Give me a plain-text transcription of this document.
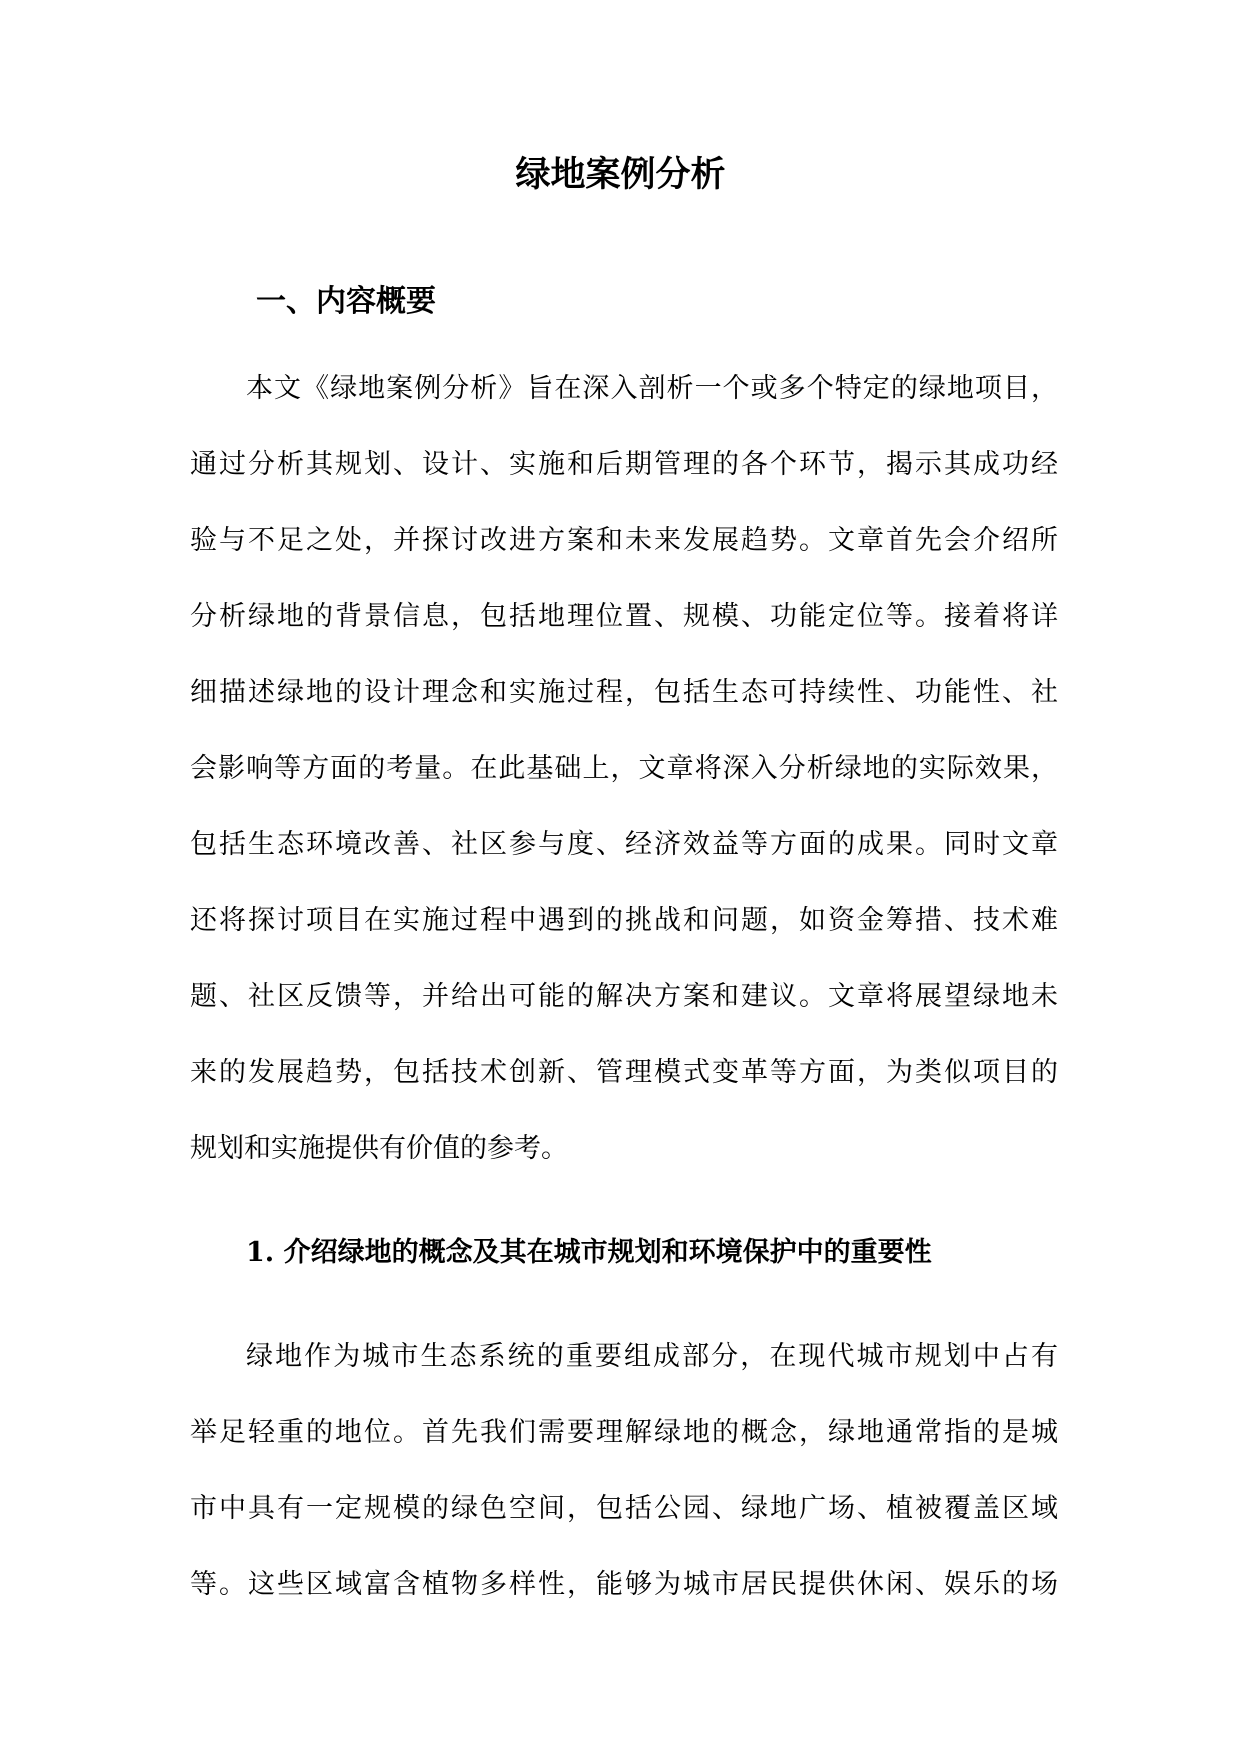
绿地案例分析
一、内容概要
本文《绿地案例分析》旨在深入剖析一个或多个特定的绿地项目，
通过分析其规划、设计、实施和后期管理的各个环节，揭示其成功经
验与不足之处，并探讨改进方案和未来发展趋势。文章首先会介绍所
分析绿地的背景信息，包括地理位置、规模、功能定位等。接着将详
细描述绿地的设计理念和实施过程，包括生态可持续性、功能性、社
会影响等方面的考量。在此基础上，文章将深入分析绿地的实际效果，
包括生态环境改善、社区参与度、经济效益等方面的成果。同时文章
还将探讨项目在实施过程中遇到的挑战和问题，如资金筹措、技术难
题、社区反馈等，并给出可能的解决方案和建议。文章将展望绿地未
来的发展趋势，包括技术创新、管理模式变革等方面，为类似项目的
规划和实施提供有价值的参考。
1. 介绍绿地的概念及其在城市规划和环境保护中的重要性
绿地作为城市生态系统的重要组成部分，在现代城市规划中占有
举足轻重的地位。首先我们需要理解绿地的概念，绿地通常指的是城
市中具有一定规模的绿色空间，包括公园、绿地广场、植被覆盖区域
等。这些区域富含植物多样性，能够为城市居民提供休闲、娱乐的场
